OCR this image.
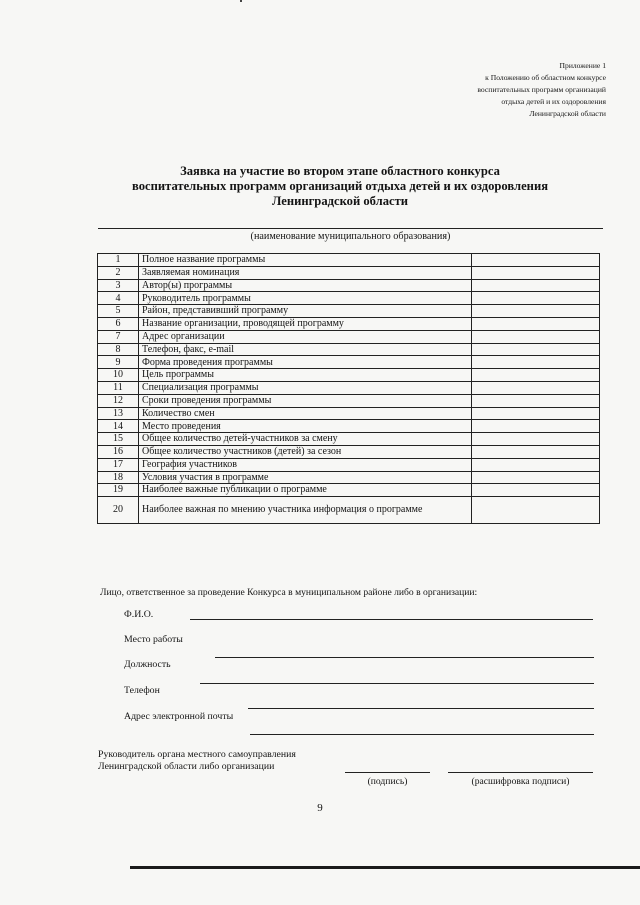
Приложение 1
к Положению об областном конкурсе
воспитательных программ организаций
отдыха детей и их оздоровления
Ленинградской области
Заявка на участие во втором этапе областного конкурса
воспитательных программ организаций отдыха детей и их оздоровления
Ленинградской области
(наименование муниципального образования)
1	Полное название программы	
2	Заявляемая номинация	
3	Автор(ы) программы	
4	Руководитель программы	
5	Район, представивший программу	
6	Название организации, проводящей программу	
7	Адрес организации	
8	Телефон, факс, e-mail	
9	Форма проведения программы	
10	Цель программы	
11	Специализация программы	
12	Сроки проведения программы	
13	Количество смен	
14	Место проведения	
15	Общее количество детей-участников за смену	
16	Общее количество участников (детей) за сезон	
17	География участников	
18	Условия участия в программе	
19	Наиболее важные публикации о программе	
20	Наиболее важная по мнению участника информация о программе	
Лицо, ответственное за проведение Конкурса в муниципальном районе либо в организации:
Ф.И.О.
Место работы
Должность
Телефон
Адрес электронной почты
Руководитель органа местного самоуправления
Ленинградской области либо организации
(подпись)	(расшифровка подписи)
9
